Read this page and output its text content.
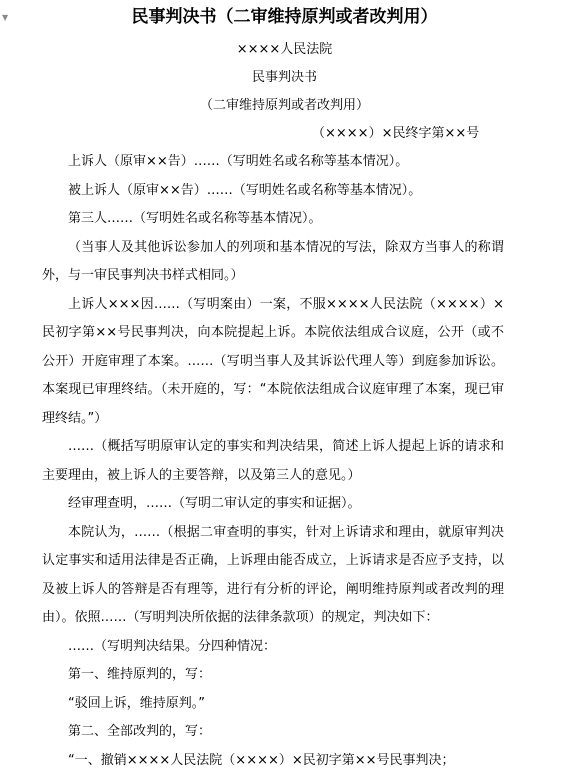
▼	民事判决书（二审维持原判或者改判用）
××××人民法院
民事判决书
（二审维持原判或者改判用）
（××××）×民终字第××号

上诉人（原审××告）……（写明姓名或名称等基本情况）。

被上诉人（原审××告）……（写明姓名或名称等基本情况）。

第三人……（写明姓名或名称等基本情况）。

（当事人及其他诉讼参加人的列项和基本情况的写法，除双方当事人的称谓外，与一审民事判决书样式相同。）

上诉人×××因……（写明案由）一案，不服××××人民法院（××××）×民初字第××号民事判决，向本院提起上诉。本院依法组成合议庭，公开（或不公开）开庭审理了本案。……（写明当事人及其诉讼代理人等）到庭参加诉讼。本案现已审理终结。（未开庭的，写：“本院依法组成合议庭审理了本案，现已审理终结。”）

……（概括写明原审认定的事实和判决结果，简述上诉人提起上诉的请求和主要理由，被上诉人的主要答辩，以及第三人的意见。）

经审理查明，……（写明二审认定的事实和证据）。

本院认为，……（根据二审查明的事实，针对上诉请求和理由，就原审判决认定事实和适用法律是否正确，上诉理由能否成立，上诉请求是否应予支持，以及被上诉人的答辩是否有理等，进行有分析的评论，阐明维持原判或者改判的理由）。依照……（写明判决所依据的法律条款项）的规定，判决如下：

……（写明判决结果。分四种情况：

第一、维持原判的，写：

“驳回上诉，维持原判。”

第二、全部改判的，写：

“一、撤销××××人民法院（××××）×民初字第××号民事判决；
